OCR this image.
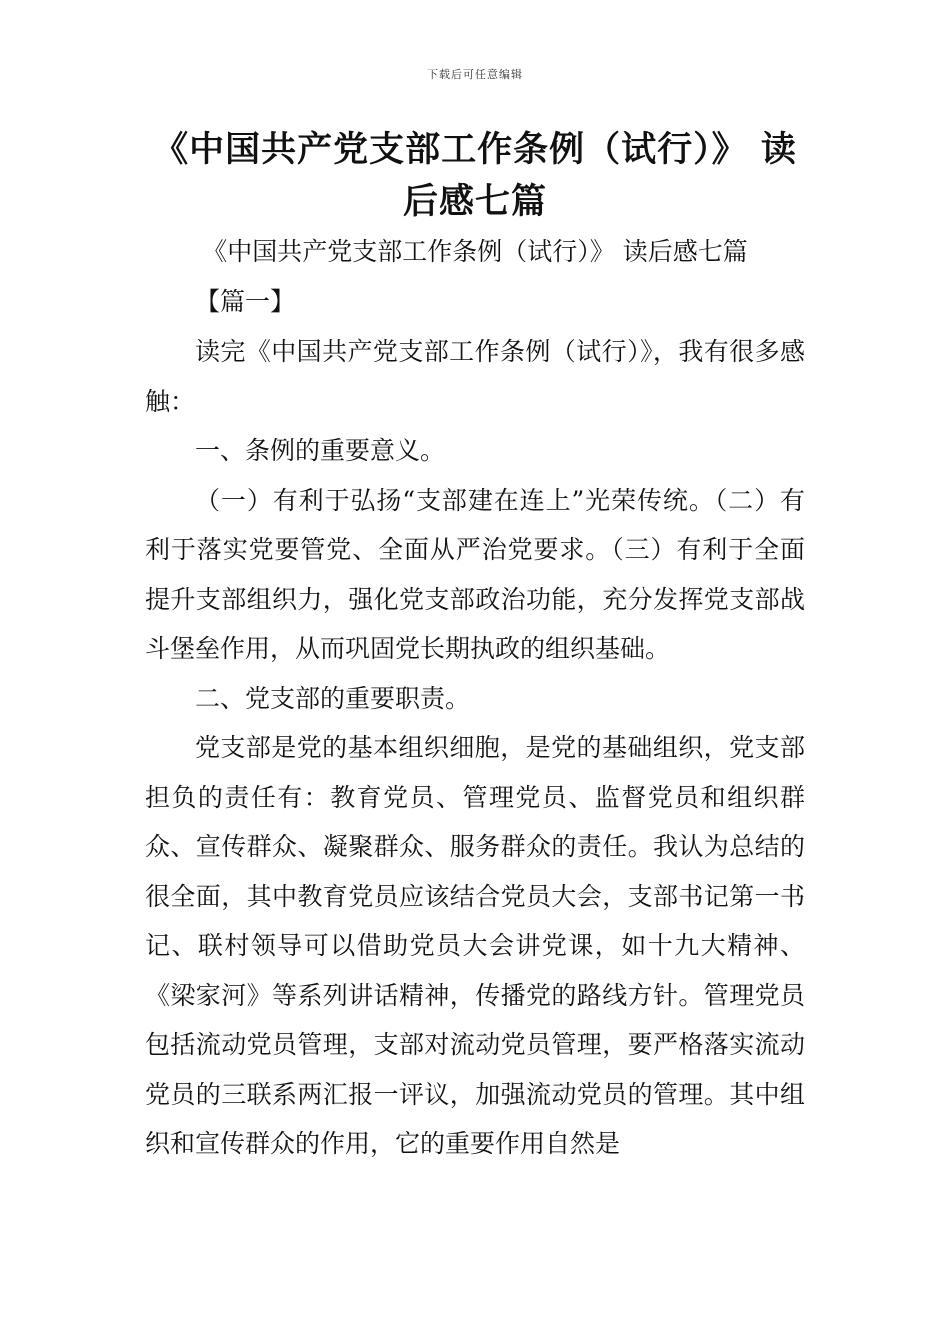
下载后可任意编辑
《中国共产党支部工作条例（试行）》 读后感七篇
《中国共产党支部工作条例（试行）》 读后感七篇
【篇一】

读完《中国共产党支部工作条例（试行）》，我有很多感触：

一、条例的重要意义。

（一）有利于弘扬“支部建在连上”光荣传统。（二）有利于落实党要管党、全面从严治党要求。（三）有利于全面提升支部组织力，强化党支部政治功能，充分发挥党支部战斗堡垒作用，从而巩固党长期执政的组织基础。

二、党支部的重要职责。

党支部是党的基本组织细胞，是党的基础组织，党支部担负的责任有：教育党员、管理党员、监督党员和组织群众、宣传群众、凝聚群众、服务群众的责任。我认为总结的很全面，其中教育党员应该结合党员大会，支部书记第一书记、联村领导可以借助党员大会讲党课，如十九大精神、《梁家河》等系列讲话精神，传播党的路线方针。管理党员包括流动党员管理，支部对流动党员管理，要严格落实流动党员的三联系两汇报一评议，加强流动党员的管理。其中组织和宣传群众的作用，它的重要作用自然是
